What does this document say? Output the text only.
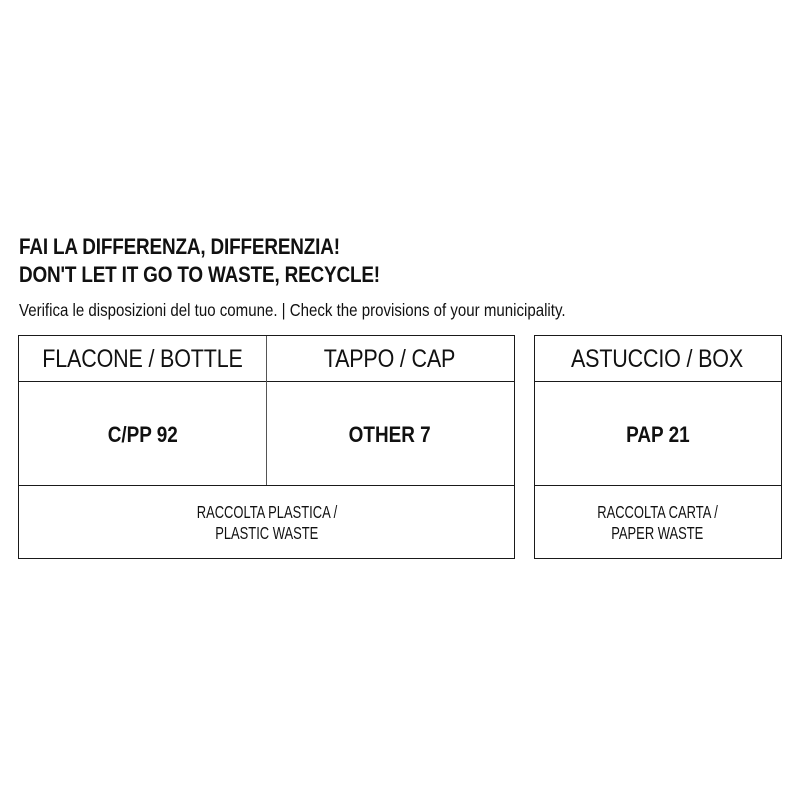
FAI LA DIFFERENZA, DIFFERENZIA!
DON'T LET IT GO TO WASTE, RECYCLE!

Verifica le disposizioni del tuo comune. | Check the provisions of your municipality.

FLACONE / BOTTLE	TAPPO / CAP
C/PP 92	OTHER 7
RACCOLTA PLASTICA /
PLASTIC WASTE
ASTUCCIO / BOX
PAP 21
RACCOLTA CARTA /
PAPER WASTE
